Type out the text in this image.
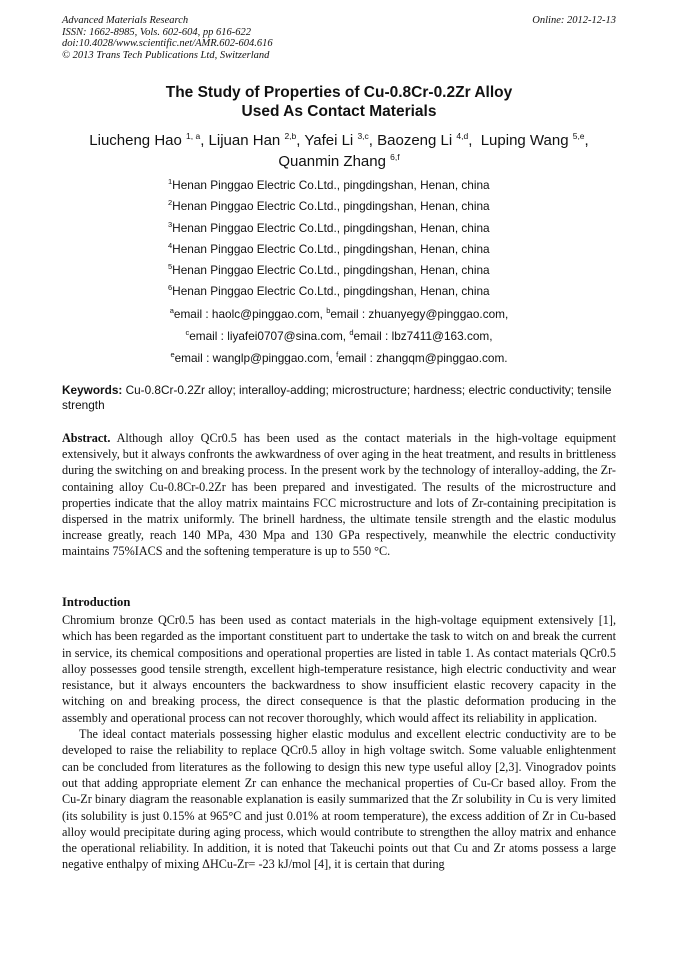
Advanced Materials Research
ISSN: 1662-8985, Vols. 602-604, pp 616-622
doi:10.4028/www.scientific.net/AMR.602-604.616
© 2013 Trans Tech Publications Ltd, Switzerland
Online: 2012-12-13
The Study of Properties of Cu-0.8Cr-0.2Zr Alloy
Used As Contact Materials
Liucheng Hao $^{1, a}$, Lijuan Han $^{2,b}$, Yafei Li $^{3,c}$, Baozeng Li $^{4,d}$,  Luping Wang $^{5,e}$,
Quanmin Zhang $^{6,f}$
$^1$Henan Pinggao Electric Co.Ltd., pingdingshan, Henan, china
$^2$Henan Pinggao Electric Co.Ltd., pingdingshan, Henan, china
$^3$Henan Pinggao Electric Co.Ltd., pingdingshan, Henan, china
$^4$Henan Pinggao Electric Co.Ltd., pingdingshan, Henan, china
$^5$Henan Pinggao Electric Co.Ltd., pingdingshan, Henan, china
$^6$Henan Pinggao Electric Co.Ltd., pingdingshan, Henan, china
$^a$email : haolc@pinggao.com, $^b$email : zhuanyegy@pinggao.com,
$^c$email : liyafei0707@sina.com, $^d$email : lbz7411@163.com,
$^e$email : wanglp@pinggao.com, $^f$email : zhangqm@pinggao.com.
Keywords: Cu-0.8Cr-0.2Zr alloy; interalloy-adding; microstructure; hardness; electric conductivity; tensile strength
Abstract. Although alloy QCr0.5 has been used as the contact materials in the high-voltage equipment extensively, but it always confronts the awkwardness of over aging in the heat treatment, and results in brittleness during the switching on and breaking process. In the present work by the technology of interalloy-adding, the Zr-containing alloy Cu-0.8Cr-0.2Zr has been prepared and investigated. The results of the microstructure and properties indicate that the alloy matrix maintains FCC microstructure and lots of Zr-containing precipitation is dispersed in the matrix uniformly. The brinell hardness, the ultimate tensile strength and the elastic modulus increase greatly, reach 140 MPa, 430 Mpa and 130 GPa respectively, meanwhile the electric conductivity maintains 75%IACS and the softening temperature is up to 550 °C.
Introduction

Chromium bronze QCr0.5 has been used as contact materials in the high-voltage equipment extensively [1], which has been regarded as the important constituent part to undertake the task to witch on and break the current in service, its chemical compositions and operational properties are listed in table 1. As contact materials QCr0.5 alloy possesses good tensile strength, excellent high-temperature resistance, high electric conductivity and wear resistance, but it always encounters the backwardness to show insufficient elastic recovery capacity in the witching on and breaking process, the direct consequence is that the plastic deformation producing in the assembly and operational process can not recover thoroughly, which would affect its reliability in application.

The ideal contact materials possessing higher elastic modulus and excellent electric conductivity are to be developed to raise the reliability to replace QCr0.5 alloy in high voltage switch. Some valuable enlightenment can be concluded from literatures as the following to design this new type useful alloy [2,3]. Vinogradov points out that adding appropriate element Zr can enhance the mechanical properties of Cu-Cr based alloy. From the Cu-Zr binary diagram the reasonable explanation is easily summarized that the Zr solubility in Cu is very limited (its solubility is just 0.15% at 965°C and just 0.01% at room temperature), the excess addition of Zr in Cu-based alloy would precipitate during aging process, which would contribute to strengthen the alloy matrix and enhance the operational reliability. In addition, it is noted that Takeuchi points out that Cu and Zr atoms possess a large negative enthalpy of mixing ΔHCu-Zr= -23 kJ/mol [4], it is certain that during
